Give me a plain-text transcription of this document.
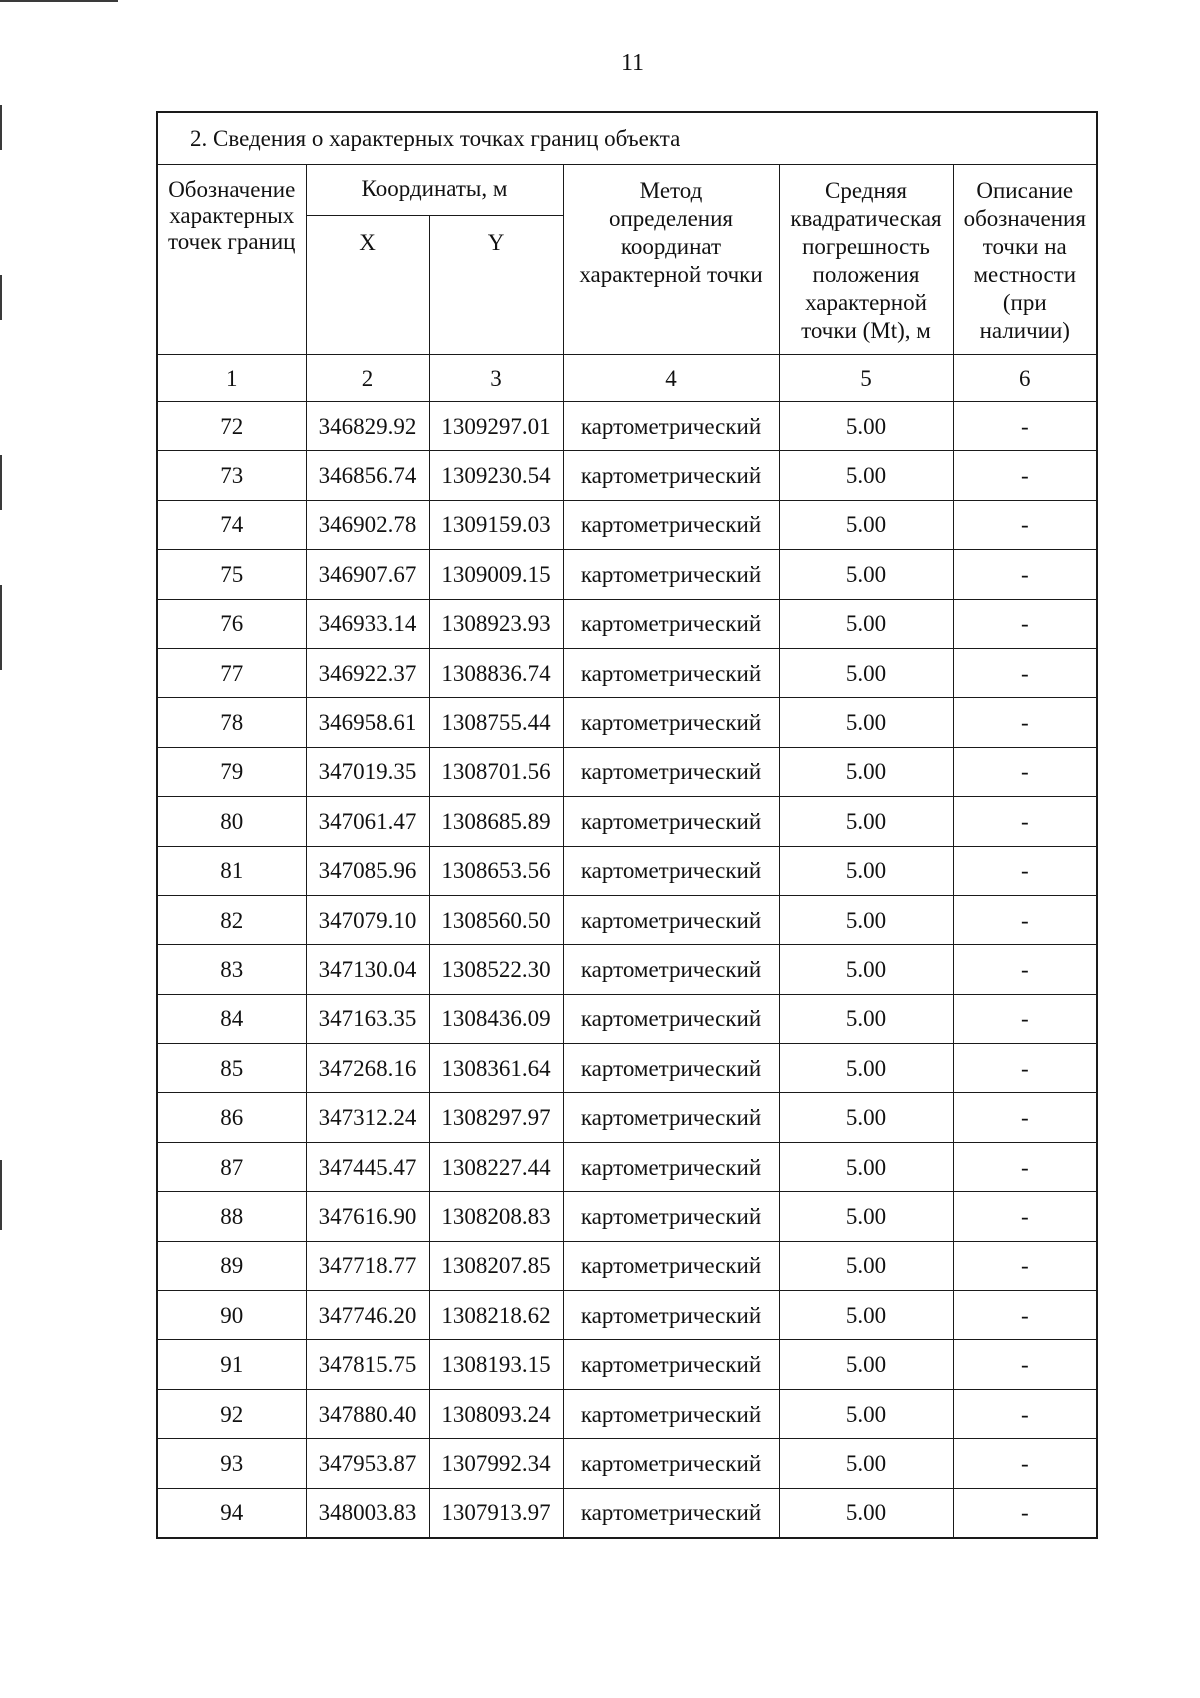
11
2. Сведения о характерных точках границ объекта					
Обозначение характерных точек границ	Координаты, м		Метод определения координат характерной точки	Средняя квадратическая погрешность положения характерной точки (Mt), м	Описание обозначения точки на местности (при наличии)
	X	Y			
1	2	3	4	5	6
72	346829.92	1309297.01	картометрический	5.00	-
73	346856.74	1309230.54	картометрический	5.00	-
74	346902.78	1309159.03	картометрический	5.00	-
75	346907.67	1309009.15	картометрический	5.00	-
76	346933.14	1308923.93	картометрический	5.00	-
77	346922.37	1308836.74	картометрический	5.00	-
78	346958.61	1308755.44	картометрический	5.00	-
79	347019.35	1308701.56	картометрический	5.00	-
80	347061.47	1308685.89	картометрический	5.00	-
81	347085.96	1308653.56	картометрический	5.00	-
82	347079.10	1308560.50	картометрический	5.00	-
83	347130.04	1308522.30	картометрический	5.00	-
84	347163.35	1308436.09	картометрический	5.00	-
85	347268.16	1308361.64	картометрический	5.00	-
86	347312.24	1308297.97	картометрический	5.00	-
87	347445.47	1308227.44	картометрический	5.00	-
88	347616.90	1308208.83	картометрический	5.00	-
89	347718.77	1308207.85	картометрический	5.00	-
90	347746.20	1308218.62	картометрический	5.00	-
91	347815.75	1308193.15	картометрический	5.00	-
92	347880.40	1308093.24	картометрический	5.00	-
93	347953.87	1307992.34	картометрический	5.00	-
94	348003.83	1307913.97	картометрический	5.00	-
